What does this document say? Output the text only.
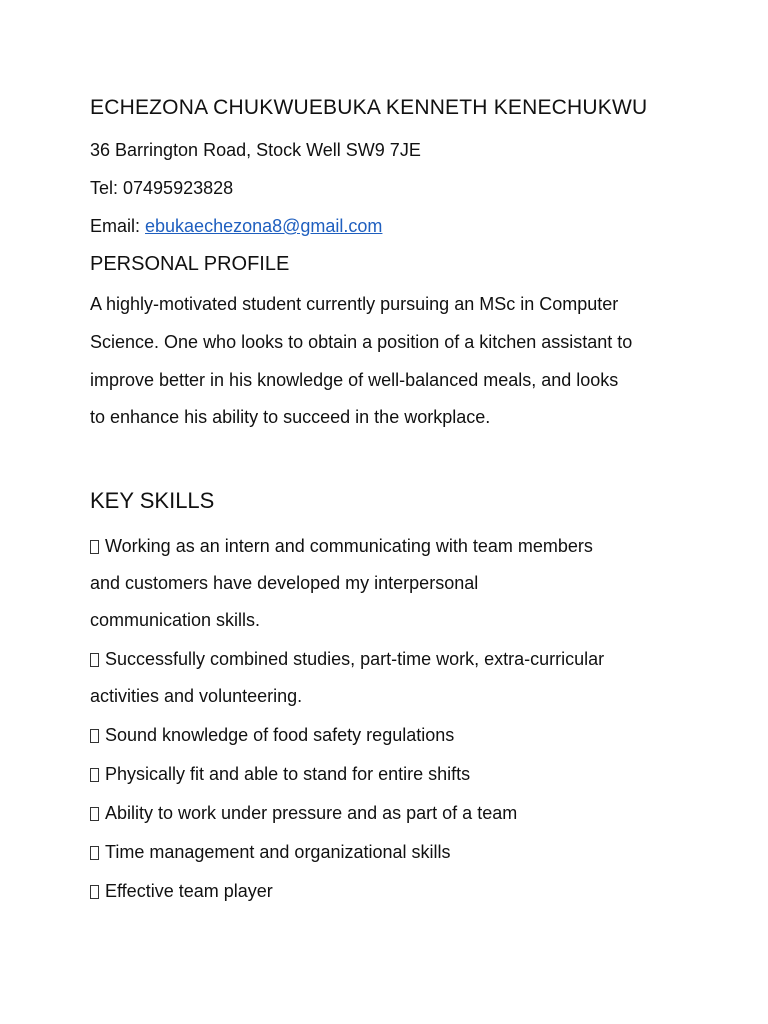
ECHEZONA CHUKWUEBUKA KENNETH KENECHUKWU
36 Barrington Road, Stock Well SW9 7JE
Tel: 07495923828
Email: ebukaechezona8@gmail.com
PERSONAL PROFILE
A highly-motivated student currently pursuing an MSc in Computer
Science. One who looks to obtain a position of a kitchen assistant to
improve better in his knowledge of well-balanced meals, and looks
to enhance his ability to succeed in the workplace.
KEY SKILLS
Working as an intern and communicating with team members
and customers have developed my interpersonal
communication skills.
Successfully combined studies, part-time work, extra-curricular
activities and volunteering.
Sound knowledge of food safety regulations
Physically fit and able to stand for entire shifts
Ability to work under pressure and as part of a team
Time management and organizational skills
Effective team player
